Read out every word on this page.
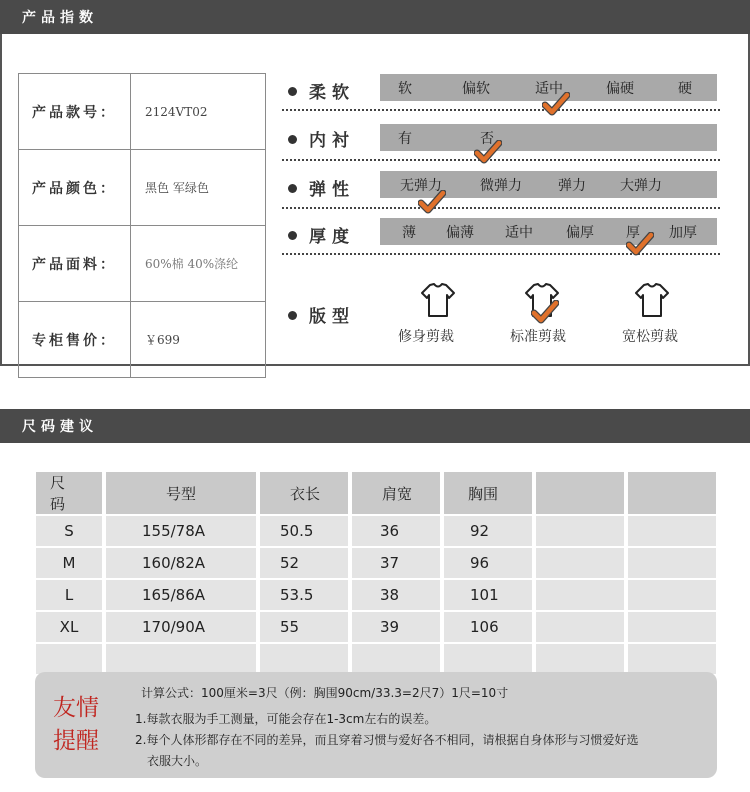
产品指数
产品款号：	2124VT02
产品颜色：	黑色 军绿色
产品面料：	60%棉 40%涤纶
专柜售价：	￥699
柔软	软	偏软	适中	偏硬	硬
内衬	有	否
弹性	无弹力	微弹力	弹力 大弹力
厚度	薄 偏薄 适中 偏厚 厚 加厚
版型
修身剪裁	标准剪裁	宽松剪裁
尺码建议
尺 码	号型	衣长	肩宽	胸围		
S	155/78A	50.5	36	92		
M	160/82A	52	37	96		
L	165/86A	53.5	38	101		
XL	170/90A	55	39	106		

友情
提醒
计算公式：100厘米=3尺（例：胸围90cm/33.3=2尺7）1尺=10寸
1.每款衣服为手工测量，可能会存在1-3cm左右的误差。
2.每个人体形都存在不同的差异，而且穿着习惯与爱好各不相同，请根据自身体形与习惯爱好选
衣服大小。
